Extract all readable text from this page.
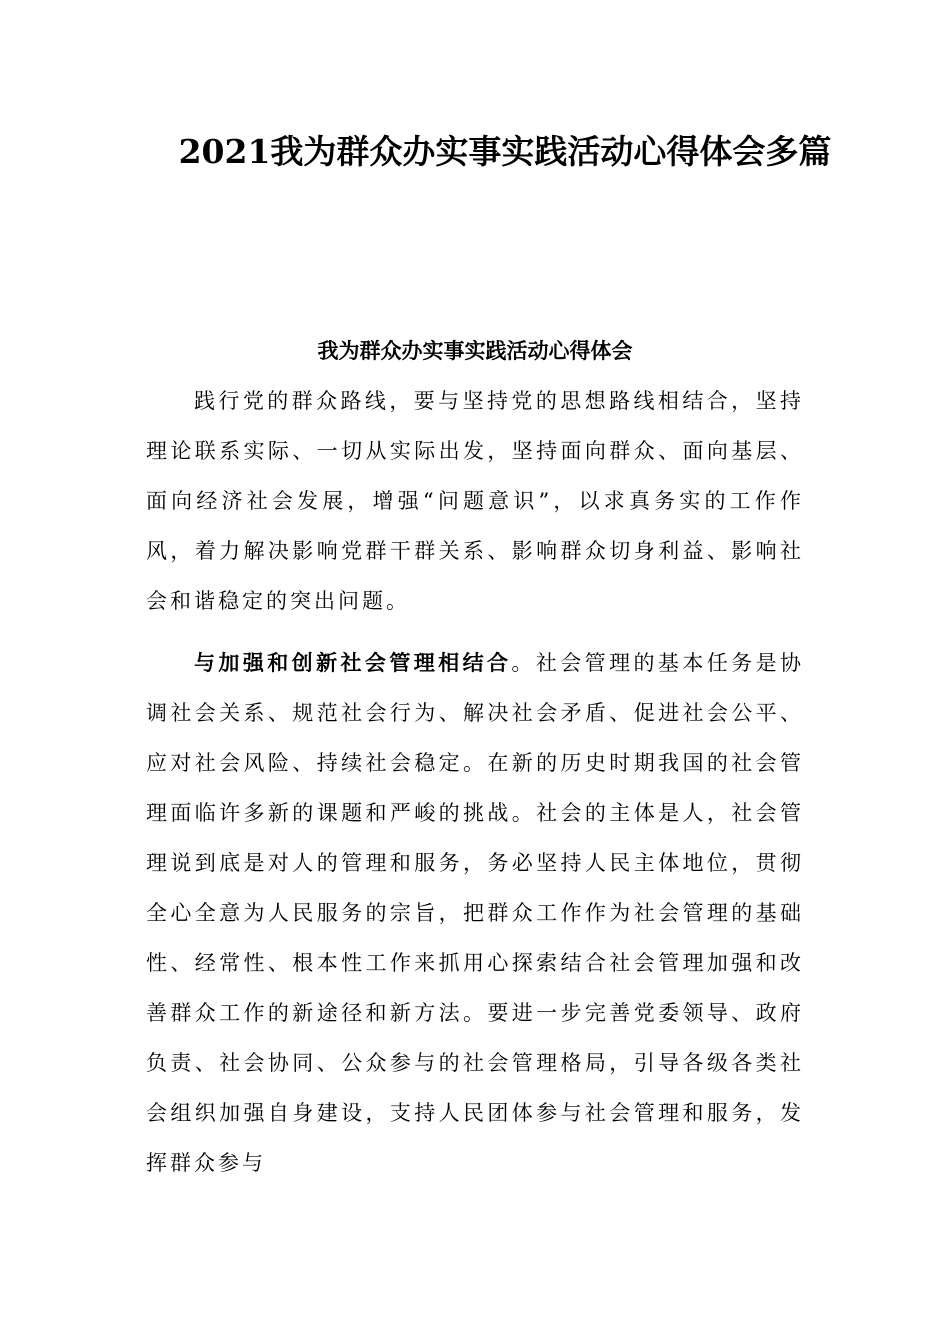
2021我为群众办实事实践活动心得体会多篇
我为群众办实事实践活动心得体会

践行党的群众路线，要与坚持党的思想路线相结合，坚持理论联系实际、一切从实际出发，坚持面向群众、面向基层、面向经济社会发展，增强“问题意识”，以求真务实的工作作风，着力解决影响党群干群关系、影响群众切身利益、影响社会和谐稳定的突出问题。

与加强和创新社会管理相结合。社会管理的基本任务是协调社会关系、规范社会行为、解决社会矛盾、促进社会公平、应对社会风险、持续社会稳定。在新的历史时期我国的社会管理面临许多新的课题和严峻的挑战。社会的主体是人，社会管理说到底是对人的管理和服务，务必坚持人民主体地位，贯彻全心全意为人民服务的宗旨，把群众工作作为社会管理的基础性、经常性、根本性工作来抓用心探索结合社会管理加强和改善群众工作的新途径和新方法。要进一步完善党委领导、政府负责、社会协同、公众参与的社会管理格局，引导各级各类社会组织加强自身建设，支持人民团体参与社会管理和服务，发挥群众参与
